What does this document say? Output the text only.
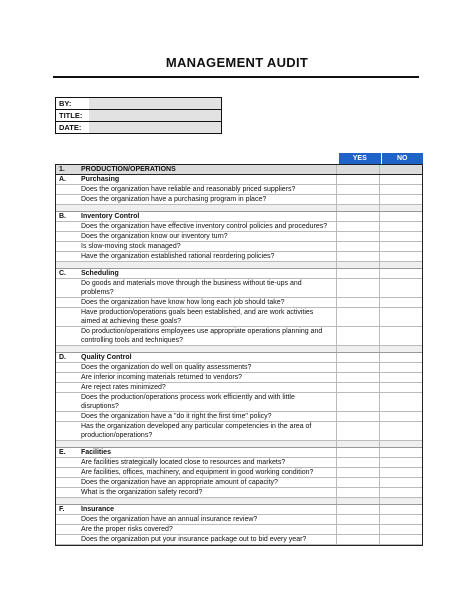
MANAGEMENT AUDIT
BY:
TITLE:
DATE:
YES	NO
1.	PRODUCTION/OPERATIONS
A.	Purchasing
Does the organization have reliable and reasonably priced suppliers?
Does the organization have a purchasing program in place?
B.	Inventory Control
Does the organization have effective inventory control policies and procedures?
Does the organization know our inventory turn?
Is slow-moving stock managed?
Have the organization established rational reordering policies?
C.	Scheduling
Do goods and materials move through the business without tie-ups and problems?
Does the organization have know how long each job should take?
Have production/operations goals been established, and are work activities aimed at achieving these goals?
Do production/operations employees use appropriate operations planning and controlling tools and techniques?
D.	Quality Control
Does the organization do well on quality assessments?
Are inferior incoming materials returned to vendors?
Are reject rates minimized?
Does the production/operations process work efficiently and with little disruptions?
Does the organization have a "do it right the first time" policy?
Has the organization developed any particular competencies in the area of production/operations?
E.	Facilities
Are facilities strategically located close to resources and markets?
Are facilities, offices, machinery, and equipment in good working condition?
Does the organization have an appropriate amount of capacity?
What is the organization safety record?
F.	Insurance
Does the organization have an annual insurance review?
Are the proper risks covered?
Does the organization put your insurance package out to bid every year?
